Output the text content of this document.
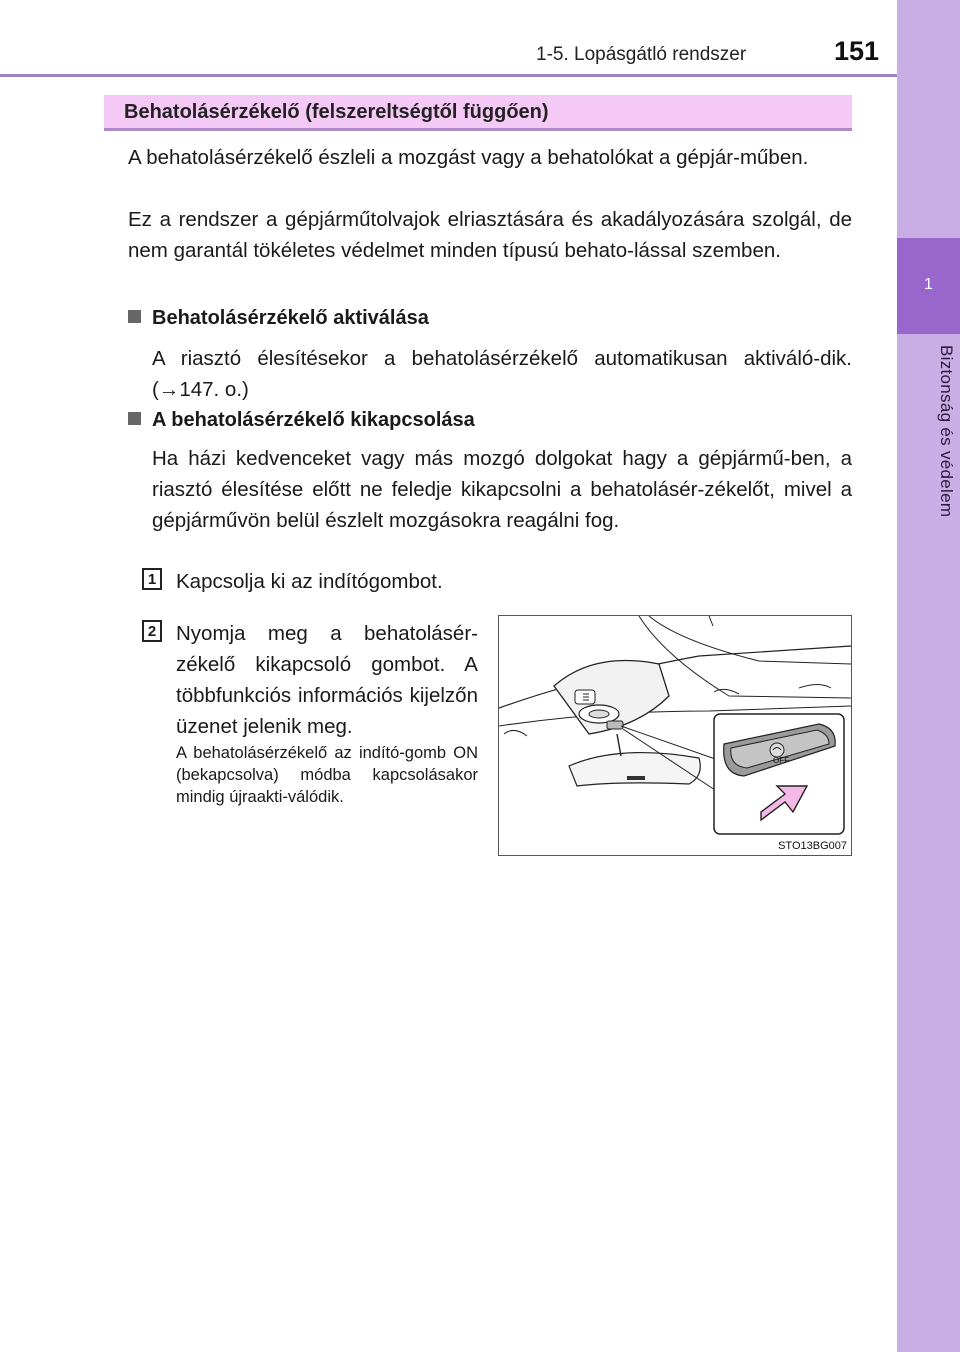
1-5. Lopásgátló rendszer	151
1
Biztonság és védelem
Behatolásérzékelő (felszereltségtől függően)
A behatolásérzékelő észleli a mozgást vagy a behatolókat a gépjár-műben.
Ez a rendszer a gépjárműtolvajok elriasztására és akadályozására szolgál, de nem garantál tökéletes védelmet minden típusú behato-lással szemben.
Behatolásérzékelő aktiválása
A riasztó élesítésekor a behatolásérzékelő automatikusan aktiváló-dik. (→147. o.)
A behatolásérzékelő kikapcsolása
Ha házi kedvenceket vagy más mozgó dolgokat hagy a gépjármű-ben, a riasztó élesítése előtt ne feledje kikapcsolni a behatolásér-zékelőt, mivel a gépjárművön belül észlelt mozgásokra reagálni fog.
1 Kapcsolja ki az indítógombot.
2 Nyomja meg a behatolásér-zékelő kikapcsoló gombot. A többfunkciós információs kijelzőn üzenet jelenik meg.
A behatolásérzékelő az indító-gomb ON (bekapcsolva) módba kapcsolásakor mindig újraakti-válódik.
OFF
STO13BG007
